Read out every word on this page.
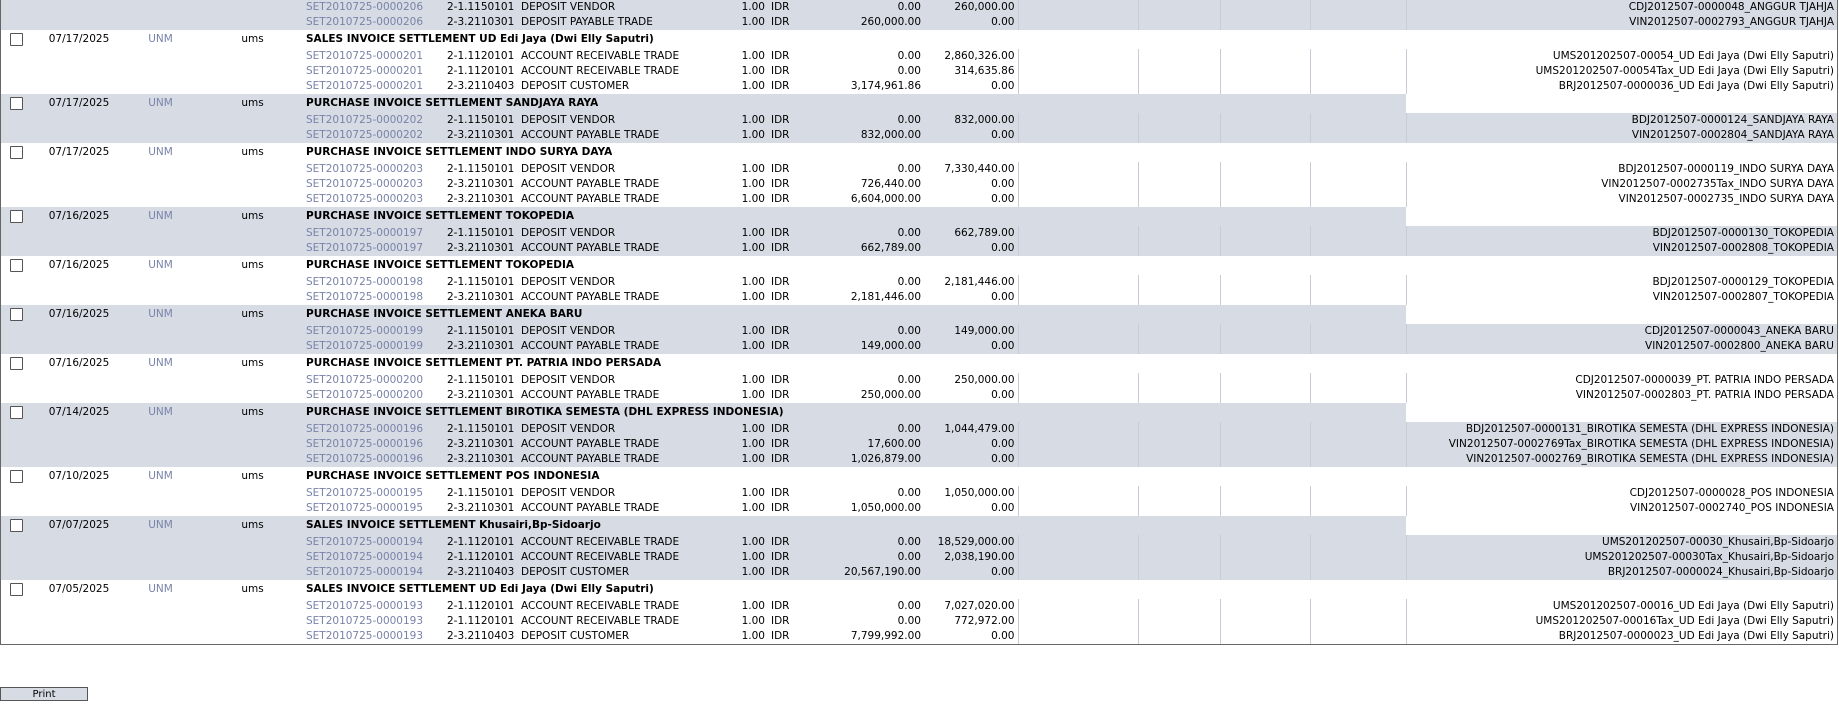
				SET2010725-0000206	2-1.1150101	DEPOSIT VENDOR	1.00	IDR	0.00	260,000.00					CDJ2012507-0000048_ANGGUR TJAHJA
				SET2010725-0000206	2-3.2110301	DEPOSIT PAYABLE TRADE	1.00	IDR	260,000.00	0.00					VIN2012507-0002793_ANGGUR TJAHJA
	07/17/2025	UNM	ums	SALES INVOICE SETTLEMENT UD Edi Jaya (Dwi Elly Saputri)											
				SET2010725-0000201	2-1.1120101	ACCOUNT RECEIVABLE TRADE	1.00	IDR	0.00	2,860,326.00					UMS201202507-00054_UD Edi Jaya (Dwi Elly Saputri)
				SET2010725-0000201	2-1.1120101	ACCOUNT RECEIVABLE TRADE	1.00	IDR	0.00	314,635.86					UMS201202507-00054Tax_UD Edi Jaya (Dwi Elly Saputri)
				SET2010725-0000201	2-3.2110403	DEPOSIT CUSTOMER	1.00	IDR	3,174,961.86	0.00					BRJ2012507-0000036_UD Edi Jaya (Dwi Elly Saputri)
	07/17/2025	UNM	ums	PURCHASE INVOICE SETTLEMENT SANDJAYA RAYA											
				SET2010725-0000202	2-1.1150101	DEPOSIT VENDOR	1.00	IDR	0.00	832,000.00					BDJ2012507-0000124_SANDJAYA RAYA
				SET2010725-0000202	2-3.2110301	ACCOUNT PAYABLE TRADE	1.00	IDR	832,000.00	0.00					VIN2012507-0002804_SANDJAYA RAYA
	07/17/2025	UNM	ums	PURCHASE INVOICE SETTLEMENT INDO SURYA DAYA											
				SET2010725-0000203	2-1.1150101	DEPOSIT VENDOR	1.00	IDR	0.00	7,330,440.00					BDJ2012507-0000119_INDO SURYA DAYA
				SET2010725-0000203	2-3.2110301	ACCOUNT PAYABLE TRADE	1.00	IDR	726,440.00	0.00					VIN2012507-0002735Tax_INDO SURYA DAYA
				SET2010725-0000203	2-3.2110301	ACCOUNT PAYABLE TRADE	1.00	IDR	6,604,000.00	0.00					VIN2012507-0002735_INDO SURYA DAYA
	07/16/2025	UNM	ums	PURCHASE INVOICE SETTLEMENT TOKOPEDIA											
				SET2010725-0000197	2-1.1150101	DEPOSIT VENDOR	1.00	IDR	0.00	662,789.00					BDJ2012507-0000130_TOKOPEDIA
				SET2010725-0000197	2-3.2110301	ACCOUNT PAYABLE TRADE	1.00	IDR	662,789.00	0.00					VIN2012507-0002808_TOKOPEDIA
	07/16/2025	UNM	ums	PURCHASE INVOICE SETTLEMENT TOKOPEDIA											
				SET2010725-0000198	2-1.1150101	DEPOSIT VENDOR	1.00	IDR	0.00	2,181,446.00					BDJ2012507-0000129_TOKOPEDIA
				SET2010725-0000198	2-3.2110301	ACCOUNT PAYABLE TRADE	1.00	IDR	2,181,446.00	0.00					VIN2012507-0002807_TOKOPEDIA
	07/16/2025	UNM	ums	PURCHASE INVOICE SETTLEMENT ANEKA BARU											
				SET2010725-0000199	2-1.1150101	DEPOSIT VENDOR	1.00	IDR	0.00	149,000.00					CDJ2012507-0000043_ANEKA BARU
				SET2010725-0000199	2-3.2110301	ACCOUNT PAYABLE TRADE	1.00	IDR	149,000.00	0.00					VIN2012507-0002800_ANEKA BARU
	07/16/2025	UNM	ums	PURCHASE INVOICE SETTLEMENT PT. PATRIA INDO PERSADA											
				SET2010725-0000200	2-1.1150101	DEPOSIT VENDOR	1.00	IDR	0.00	250,000.00					CDJ2012507-0000039_PT. PATRIA INDO PERSADA
				SET2010725-0000200	2-3.2110301	ACCOUNT PAYABLE TRADE	1.00	IDR	250,000.00	0.00					VIN2012507-0002803_PT. PATRIA INDO PERSADA
	07/14/2025	UNM	ums	PURCHASE INVOICE SETTLEMENT BIROTIKA SEMESTA (DHL EXPRESS INDONESIA)											
				SET2010725-0000196	2-1.1150101	DEPOSIT VENDOR	1.00	IDR	0.00	1,044,479.00					BDJ2012507-0000131_BIROTIKA SEMESTA (DHL EXPRESS INDONESIA)
				SET2010725-0000196	2-3.2110301	ACCOUNT PAYABLE TRADE	1.00	IDR	17,600.00	0.00					VIN2012507-0002769Tax_BIROTIKA SEMESTA (DHL EXPRESS INDONESIA)
				SET2010725-0000196	2-3.2110301	ACCOUNT PAYABLE TRADE	1.00	IDR	1,026,879.00	0.00					VIN2012507-0002769_BIROTIKA SEMESTA (DHL EXPRESS INDONESIA)
	07/10/2025	UNM	ums	PURCHASE INVOICE SETTLEMENT POS INDONESIA											
				SET2010725-0000195	2-1.1150101	DEPOSIT VENDOR	1.00	IDR	0.00	1,050,000.00					CDJ2012507-0000028_POS INDONESIA
				SET2010725-0000195	2-3.2110301	ACCOUNT PAYABLE TRADE	1.00	IDR	1,050,000.00	0.00					VIN2012507-0002740_POS INDONESIA
	07/07/2025	UNM	ums	SALES INVOICE SETTLEMENT Khusairi,Bp-Sidoarjo											
				SET2010725-0000194	2-1.1120101	ACCOUNT RECEIVABLE TRADE	1.00	IDR	0.00	18,529,000.00					UMS201202507-00030_Khusairi,Bp-Sidoarjo
				SET2010725-0000194	2-1.1120101	ACCOUNT RECEIVABLE TRADE	1.00	IDR	0.00	2,038,190.00					UMS201202507-00030Tax_Khusairi,Bp-Sidoarjo
				SET2010725-0000194	2-3.2110403	DEPOSIT CUSTOMER	1.00	IDR	20,567,190.00	0.00					BRJ2012507-0000024_Khusairi,Bp-Sidoarjo
	07/05/2025	UNM	ums	SALES INVOICE SETTLEMENT UD Edi Jaya (Dwi Elly Saputri)											
				SET2010725-0000193	2-1.1120101	ACCOUNT RECEIVABLE TRADE	1.00	IDR	0.00	7,027,020.00					UMS201202507-00016_UD Edi Jaya (Dwi Elly Saputri)
				SET2010725-0000193	2-1.1120101	ACCOUNT RECEIVABLE TRADE	1.00	IDR	0.00	772,972.00					UMS201202507-00016Tax_UD Edi Jaya (Dwi Elly Saputri)
				SET2010725-0000193	2-3.2110403	DEPOSIT CUSTOMER	1.00	IDR	7,799,992.00	0.00					BRJ2012507-0000023_UD Edi Jaya (Dwi Elly Saputri)
Print
